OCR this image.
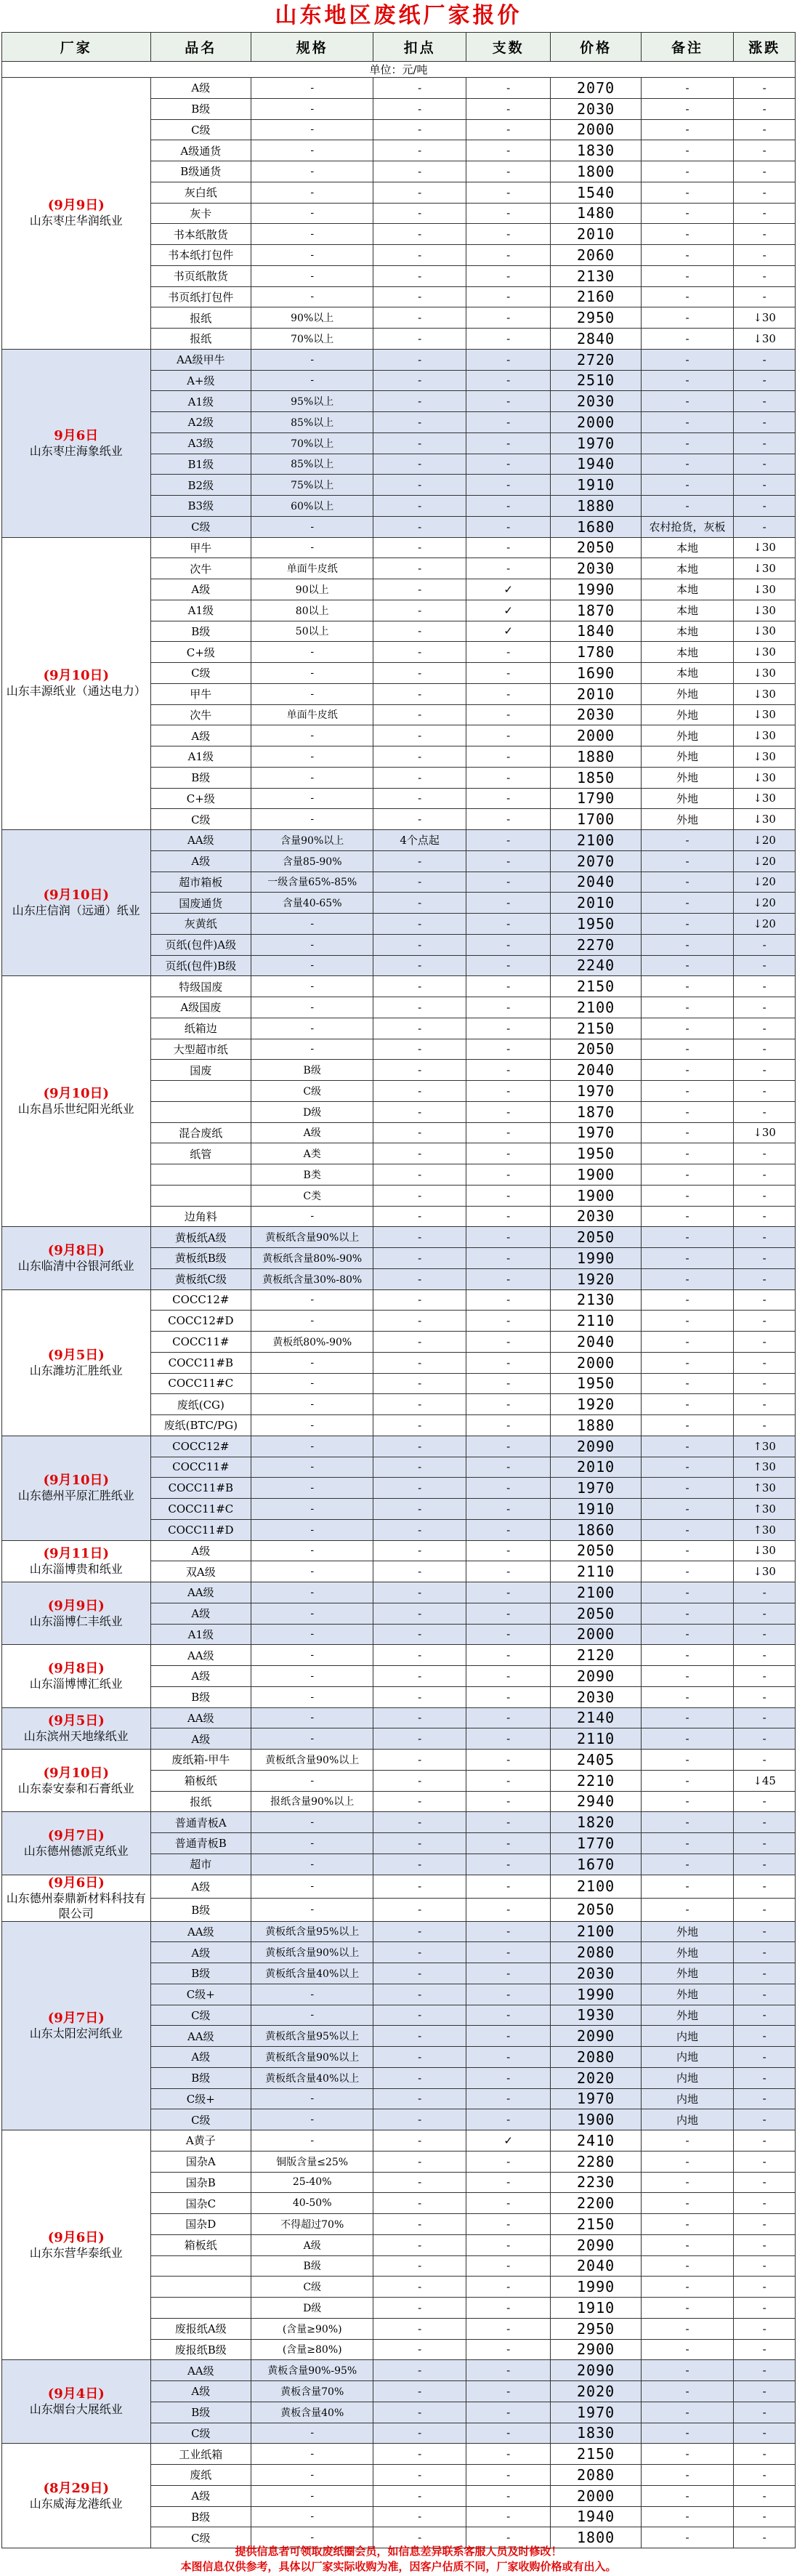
山东地区废纸厂家报价
厂家	品名	规格	扣点	支数	价格	备注	涨跌
单位：元/吨							

(9月9日)
山东枣庄华润纸业	A级	-	-	-	2070	-	-
	B级	-	-	-	2030	-	-
	C级	-	-	-	2000	-	-
	A级通货	-	-	-	1830	-	-
	B级通货	-	-	-	1800	-	-
	灰白纸	-	-	-	1540	-	-
	灰卡	-	-	-	1480	-	-
	书本纸散货	-	-	-	2010	-	-
	书本纸打包件	-	-	-	2060	-	-
	书页纸散货	-	-	-	2130	-	-
	书页纸打包件	-	-	-	2160	-	-
	报纸	90%以上	-	-	2950	-	↓30
	报纸	70%以上	-	-	2840	-	↓30

9月6日
山东枣庄海象纸业	AA级甲牛	-	-	-	2720	-	-
	A+级	-	-	-	2510	-	-
	A1级	95%以上	-	-	2030	-	-
	A2级	85%以上	-	-	2000	-	-
	A3级	70%以上	-	-	1970	-	-
	B1级	85%以上	-	-	1940	-	-
	B2级	75%以上	-	-	1910	-	-
	B3级	60%以上	-	-	1880	-	-
	C级	-	-	-	1680	农村抢货，灰板	-

(9月10日)
山东丰源纸业（通达电力）	甲牛	-	-	-	2050	本地	↓30
	次牛	单面牛皮纸	-	-	2030	本地	↓30
	A级	90以上	-	✓	1990	本地	↓30
	A1级	80以上	-	✓	1870	本地	↓30
	B级	50以上	-	✓	1840	本地	↓30
	C+级	-	-	-	1780	本地	↓30
	C级	-	-	-	1690	本地	↓30
	甲牛	-	-	-	2010	外地	↓30
	次牛	单面牛皮纸	-	-	2030	外地	↓30
	A级	-	-	-	2000	外地	↓30
	A1级	-	-	-	1880	外地	↓30
	B级	-	-	-	1850	外地	↓30
	C+级	-	-	-	1790	外地	↓30
	C级	-	-	-	1700	外地	↓30

(9月10日)
山东庄信润（远通）纸业	AA级	含量90%以上	4个点起	-	2100	-	↓20
	A级	含量85-90%	-	-	2070	-	↓20
	超市箱板	一级含量65%-85%	-	-	2040	-	↓20
	国废通货	含量40-65%	-	-	2010	-	↓20
	灰黄纸	-	-	-	1950	-	↓20
	页纸(包件)A级	-	-	-	2270	-	-
	页纸(包件)B级	-	-	-	2240	-	-

(9月10日)
山东昌乐世纪阳光纸业	特级国废	-	-	-	2150	-	-
	A级国废	-	-	-	2100	-	-
	纸箱边	-	-	-	2150	-	-
	大型超市纸	-	-	-	2050	-	-
	国废	B级	-	-	2040	-	-
		C级	-	-	1970	-	-
		D级	-	-	1870	-	-
	混合废纸	A级	-	-	1970	-	↓30
	纸管	A类	-	-	1950	-	-
		B类	-	-	1900	-	-
		C类	-	-	1900	-	-
	边角料	-	-	-	2030	-	-

(9月8日)
山东临清中谷银河纸业	黄板纸A级	黄板纸含量90%以上	-	-	2050	-	-
	黄板纸B级	黄板纸含量80%-90%	-	-	1990	-	-
	黄板纸C级	黄板纸含量30%-80%	-	-	1920	-	-

(9月5日)
山东潍坊汇胜纸业	COCC12#	-	-	-	2130	-	-
	COCC12#D	-	-	-	2110	-	-
	COCC11#	黄板纸80%-90%	-	-	2040	-	-
	COCC11#B	-	-	-	2000	-	-
	COCC11#C	-	-	-	1950	-	-
	废纸(CG)	-	-	-	1920	-	-
	废纸(BTC/PG)	-	-	-	1880	-	-

(9月10日)
山东德州平原汇胜纸业	COCC12#	-	-	-	2090	-	↑30
	COCC11#	-	-	-	2010	-	↑30
	COCC11#B	-	-	-	1970	-	↑30
	COCC11#C	-	-	-	1910	-	↑30
	COCC11#D	-	-	-	1860	-	↑30

(9月11日)
山东淄博贵和纸业	A级	-	-	-	2050	-	↓30
	双A级	-	-	-	2110	-	↓30

(9月9日)
山东淄博仁丰纸业	AA级	-	-	-	2100	-	-
	A级	-	-	-	2050	-	-
	A1级	-	-	-	2000	-	-

(9月8日)
山东淄博博汇纸业	AA级	-	-	-	2120	-	-
	A级	-	-	-	2090	-	-
	B级	-	-	-	2030	-	-

(9月5日)
山东滨州天地缘纸业	AA级	-	-	-	2140	-	-
	A级	-	-	-	2110	-	-

(9月10日)
山东泰安泰和石膏纸业	废纸箱-甲牛	黄板纸含量90%以上	-	-	2405	-	-
	箱板纸	-	-	-	2210	-	↓45
	报纸	报纸含量90%以上	-	-	2940	-	-

(9月7日)
山东德州德派克纸业	普通青板A	-	-	-	1820	-	-
	普通青板B	-	-	-	1770	-	-
	超市	-	-	-	1670	-	-

(9月6日)
山东德州泰鼎新材料科技有限公司	A级	-	-	-	2100	-	-
	B级	-	-	-	2050	-	-

(9月7日)
山东太阳宏河纸业	AA级	黄板纸含量95%以上	-	-	2100	外地	-
	A级	黄板纸含量90%以上	-	-	2080	外地	-
	B级	黄板纸含量40%以上	-	-	2030	外地	-
	C级+	-	-	-	1990	外地	-
	C级	-	-	-	1930	外地	-
	AA级	黄板纸含量95%以上	-	-	2090	内地	-
	A级	黄板纸含量90%以上	-	-	2080	内地	-
	B级	黄板纸含量40%以上	-	-	2020	内地	-
	C级+	-	-	-	1970	内地	-
	C级	-	-	-	1900	内地	-

(9月6日)
山东东营华泰纸业	A黄子	-	-	✓	2410	-	-
	国杂A	铜版含量≤25%	-	-	2280	-	-
	国杂B	25-40%	-	-	2230	-	-
	国杂C	40-50%	-	-	2200	-	-
	国杂D	不得超过70%	-	-	2150	-	-
	箱板纸	A级	-	-	2090	-	-
		B级	-	-	2040	-	-
		C级	-	-	1990	-	-
		D级	-	-	1910	-	-
	废报纸A级	(含量≥90%)	-	-	2950	-	-
	废报纸B级	(含量≥80%)	-	-	2900	-	-

(9月4日)
山东烟台大展纸业	AA级	黄板含量90%-95%	-	-	2090	-	-
	A级	黄板含量70%	-	-	2020	-	-
	B级	黄板含量40%	-	-	1970	-	-
	C级	-	-	-	1830	-	-

(8月29日)
山东威海龙港纸业	工业纸箱	-	-	-	2150	-	-
	废纸	-	-	-	2080	-	-
	A级	-	-	-	2000	-	-
	B级	-	-	-	1940	-	-
	C级	-	-	-	1800	-	-
提供信息者可领取废纸圈会员，如信息差异联系客服人员及时修改！
本图信息仅供参考，具体以厂家实际收购为准，因客户估质不同，厂家收购价格或有出入。
